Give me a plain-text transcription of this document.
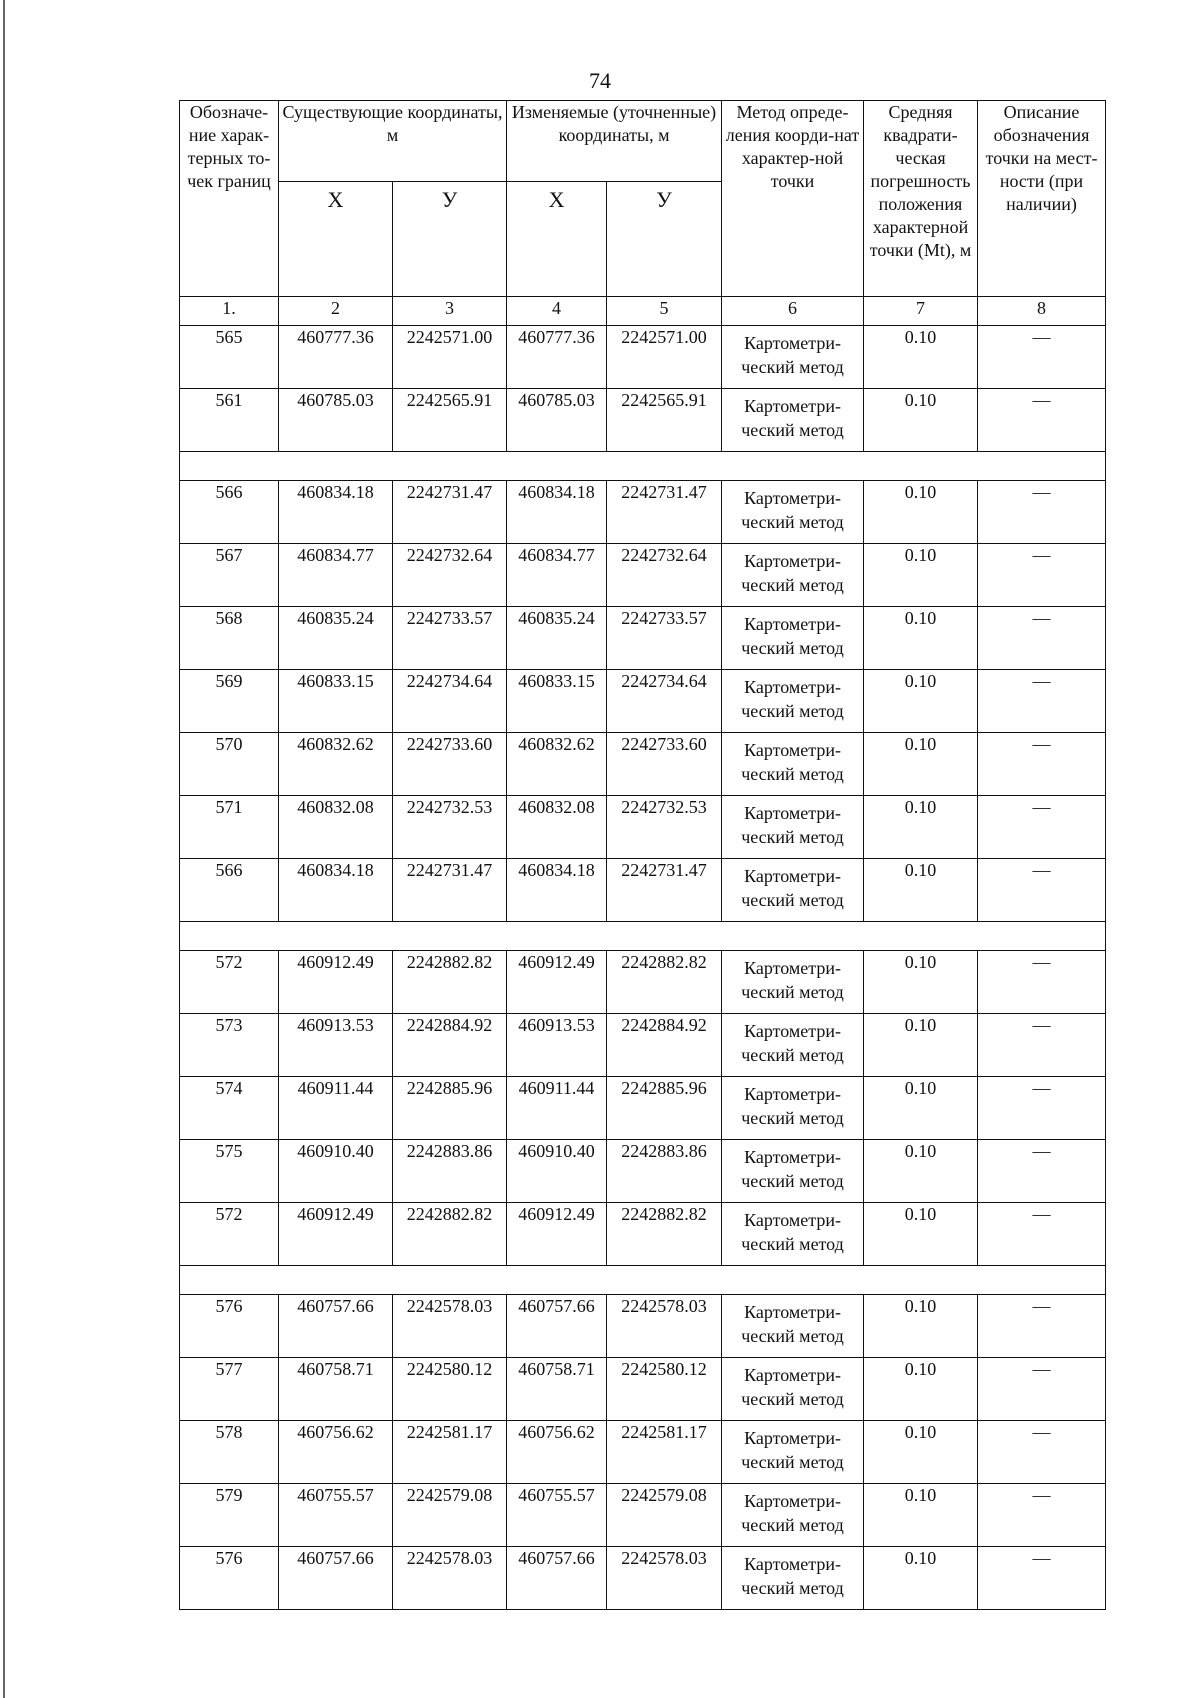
74
Обозначе-ние харак-терных то-чек границ	Существующие координаты, м		Изменяемые (уточненные) координаты, м		Метод опреде-ления коорди-нат характер-ной точки	Средняя квадрати-ческая погрешность положения характерной точки (Mt), м	Описание обозначения точки на мест-ности (при наличии)
	X	У	X	У			
1.	2	3	4	5	6	7	8
565	460777.36	2242571.00	460777.36	2242571.00	Картометри-ческий метод	0.10	—
561	460785.03	2242565.91	460785.03	2242565.91	Картометри-ческий метод	0.10	—

566	460834.18	2242731.47	460834.18	2242731.47	Картометри-ческий метод	0.10	—
567	460834.77	2242732.64	460834.77	2242732.64	Картометри-ческий метод	0.10	—
568	460835.24	2242733.57	460835.24	2242733.57	Картометри-ческий метод	0.10	—
569	460833.15	2242734.64	460833.15	2242734.64	Картометри-ческий метод	0.10	—
570	460832.62	2242733.60	460832.62	2242733.60	Картометри-ческий метод	0.10	—
571	460832.08	2242732.53	460832.08	2242732.53	Картометри-ческий метод	0.10	—
566	460834.18	2242731.47	460834.18	2242731.47	Картометри-ческий метод	0.10	—

572	460912.49	2242882.82	460912.49	2242882.82	Картометри-ческий метод	0.10	—
573	460913.53	2242884.92	460913.53	2242884.92	Картометри-ческий метод	0.10	—
574	460911.44	2242885.96	460911.44	2242885.96	Картометри-ческий метод	0.10	—
575	460910.40	2242883.86	460910.40	2242883.86	Картометри-ческий метод	0.10	—
572	460912.49	2242882.82	460912.49	2242882.82	Картометри-ческий метод	0.10	—

576	460757.66	2242578.03	460757.66	2242578.03	Картометри-ческий метод	0.10	—
577	460758.71	2242580.12	460758.71	2242580.12	Картометри-ческий метод	0.10	—
578	460756.62	2242581.17	460756.62	2242581.17	Картометри-ческий метод	0.10	—
579	460755.57	2242579.08	460755.57	2242579.08	Картометри-ческий метод	0.10	—
576	460757.66	2242578.03	460757.66	2242578.03	Картометри-ческий метод	0.10	—
